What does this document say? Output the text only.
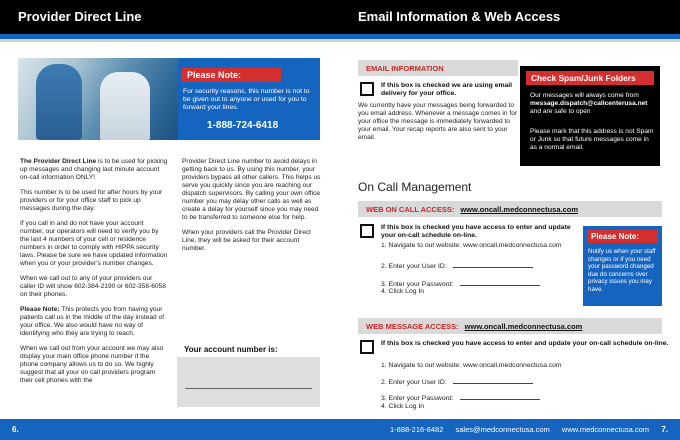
Provider Direct Line	Email Information & Web Access
Please Note:
For security reasons, this number is not to be given out to anyone or used for you to forward your lines.
1-888-724-6418

The Provider Direct Line is to be used for picking up messages and changing last minute account on-call information ONLY!

This number is to be used for after hours by your providers or for your office staff to pick up messages during the day.

If you call in and do not have your account number, our operators will need to verify you by the last 4 numbers of your cell or residence numbers in order to comply with HIPPA security laws. Please be sure we have updated information when you or your provider's number changes.

When we call out to any of your providers our caller ID will show 602-384-2190 or 602-358-6058 on their phones.

Please Note: This protects you from having your patients call us in the middle of the day instead of your office. We also would have no way of identifying who they are trying to reach.

When we call out from your account we may also display your main office phone number if the phone company allows us to do so. We highly suggest that all your on call providers program their cell phones with the

Provider Direct Line number to avoid delays in getting back to us. By using this number, your providers bypass all other callers. This helps us serve you quickly since you are reaching our dispatch supervisors. By calling your own office number you may delay other calls as well as create a delay for yourself since you may need to be transferred to someone else for help.

When your providers call the Provider Direct Line, they will be asked for their account number.

Your account number is:
EMAIL INFORMATION
If this box is checked we are using email delivery for your office.
We currently have your messages being forwarded to you email address. Whenever a message comes in for your office the message is immediately forwarded to your email. Your recap reports are also sent to your email.
Check Spam/Junk Folders
Our messages will always come from message.dispatch@callcenterusa.net and are safe to open
Please mark that this address is not Spam or Junk so that future messages come in as a normal email.
On Call Management
WEB ON CALL ACCESS: www.oncall.medconnectusa.com
If this box is checked you have access to enter and update your on-call schedule on-line.
1. Navigate to out website: www.oncall.medconnectusa.com
2. Enter your User ID:
3. Enter your Password:
4. Click Log In
Please Note:
Notify us when your staff changes or if you need your password changed due do concerns over privacy issues you may have.
WEB MESSAGE ACCESS: www.oncall.medconnectusa.com
If this box is checked you have access to enter and update your on-call schedule on-line.
1. Navigate to out website: www.oncall.medconnectusa.com
2. Enter your User ID:
3. Enter your Password:
4. Click Log In
6.	1-888-216-8482 sales@medconnectusa.com www.medconnectusa.com	7.
